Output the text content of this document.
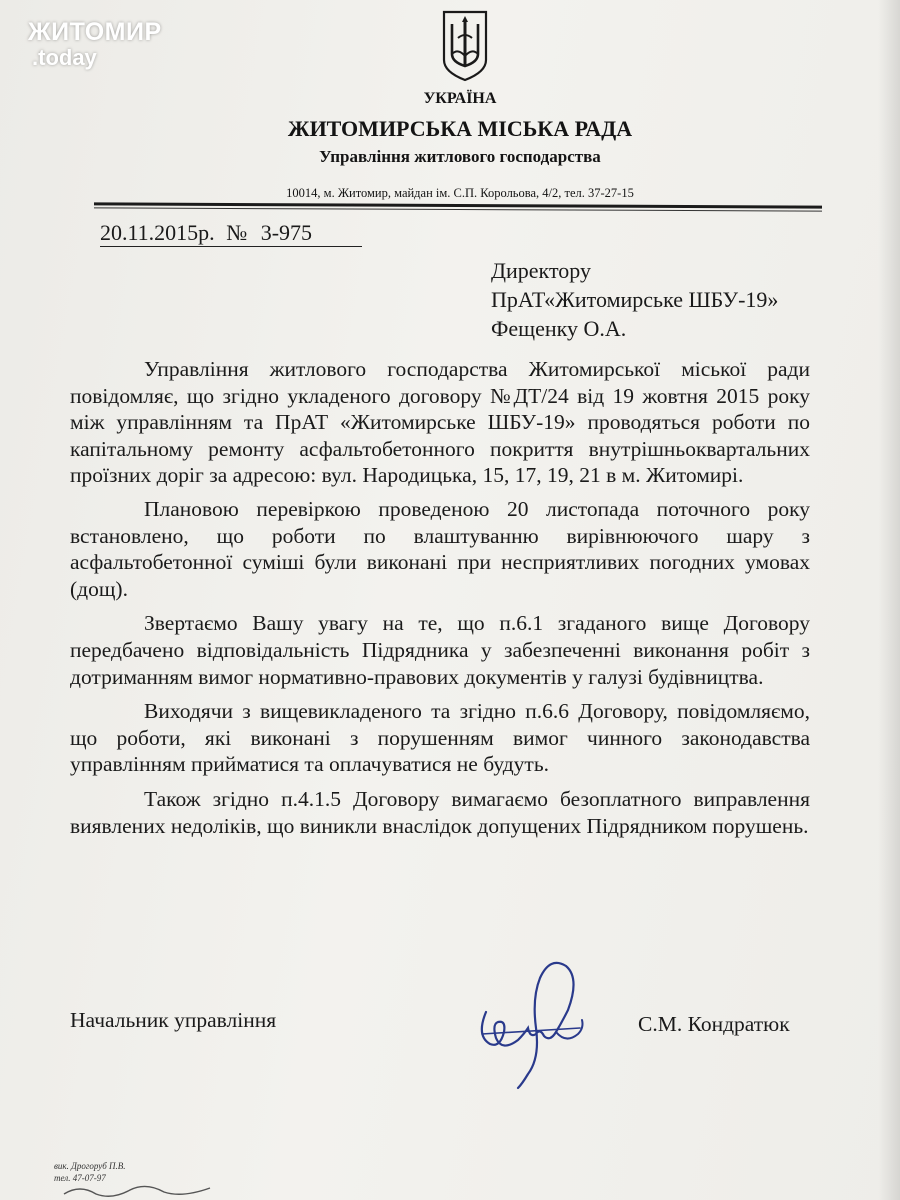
ЖИТОМИР
.today
УКРАЇНА
ЖИТОМИРСЬКА МІСЬКА РАДА
Управління житлового господарства
10014, м. Житомир, майдан ім. С.П. Корольова, 4/2, тел. 37-27-15
20.11.2015р. № 3-975
Директору
ПрАТ«Житомирське ШБУ-19»
Фещенку О.А.

Управління житлового господарства Житомирської міської ради повідомляє, що згідно укладеного договору №ДТ/24 від 19 жовтня 2015 року між управлінням та ПрАТ «Житомирське ШБУ-19» проводяться роботи по капітальному ремонту асфальтобетонного покриття внутрішньоквартальних проїзних доріг за адресою: вул. Народицька, 15, 17, 19, 21 в м. Житомирі.

Плановою перевіркою проведеною 20 листопада поточного року встановлено, що роботи по влаштуванню вирівнюючого шару з асфальтобетонної суміші були виконані при несприятливих погодних умовах (дощ).

Звертаємо Вашу увагу на те, що п.6.1 згаданого вище Договору передбачено відповідальність Підрядника у забезпеченні виконання робіт з дотриманням вимог нормативно-правових документів у галузі будівництва.

Виходячи з вищевикладеного та згідно п.6.6 Договору, повідомляємо, що роботи, які виконані з порушенням вимог чинного законодавства управлінням прийматися та оплачуватися не будуть.

Також згідно п.4.1.5 Договору вимагаємо безоплатного виправлення виявлених недоліків, що виникли внаслідок допущених Підрядником порушень.

Начальник управління	С.М. Кондратюк
вик. Дрогоруб П.В.
тел. 47-07-97
